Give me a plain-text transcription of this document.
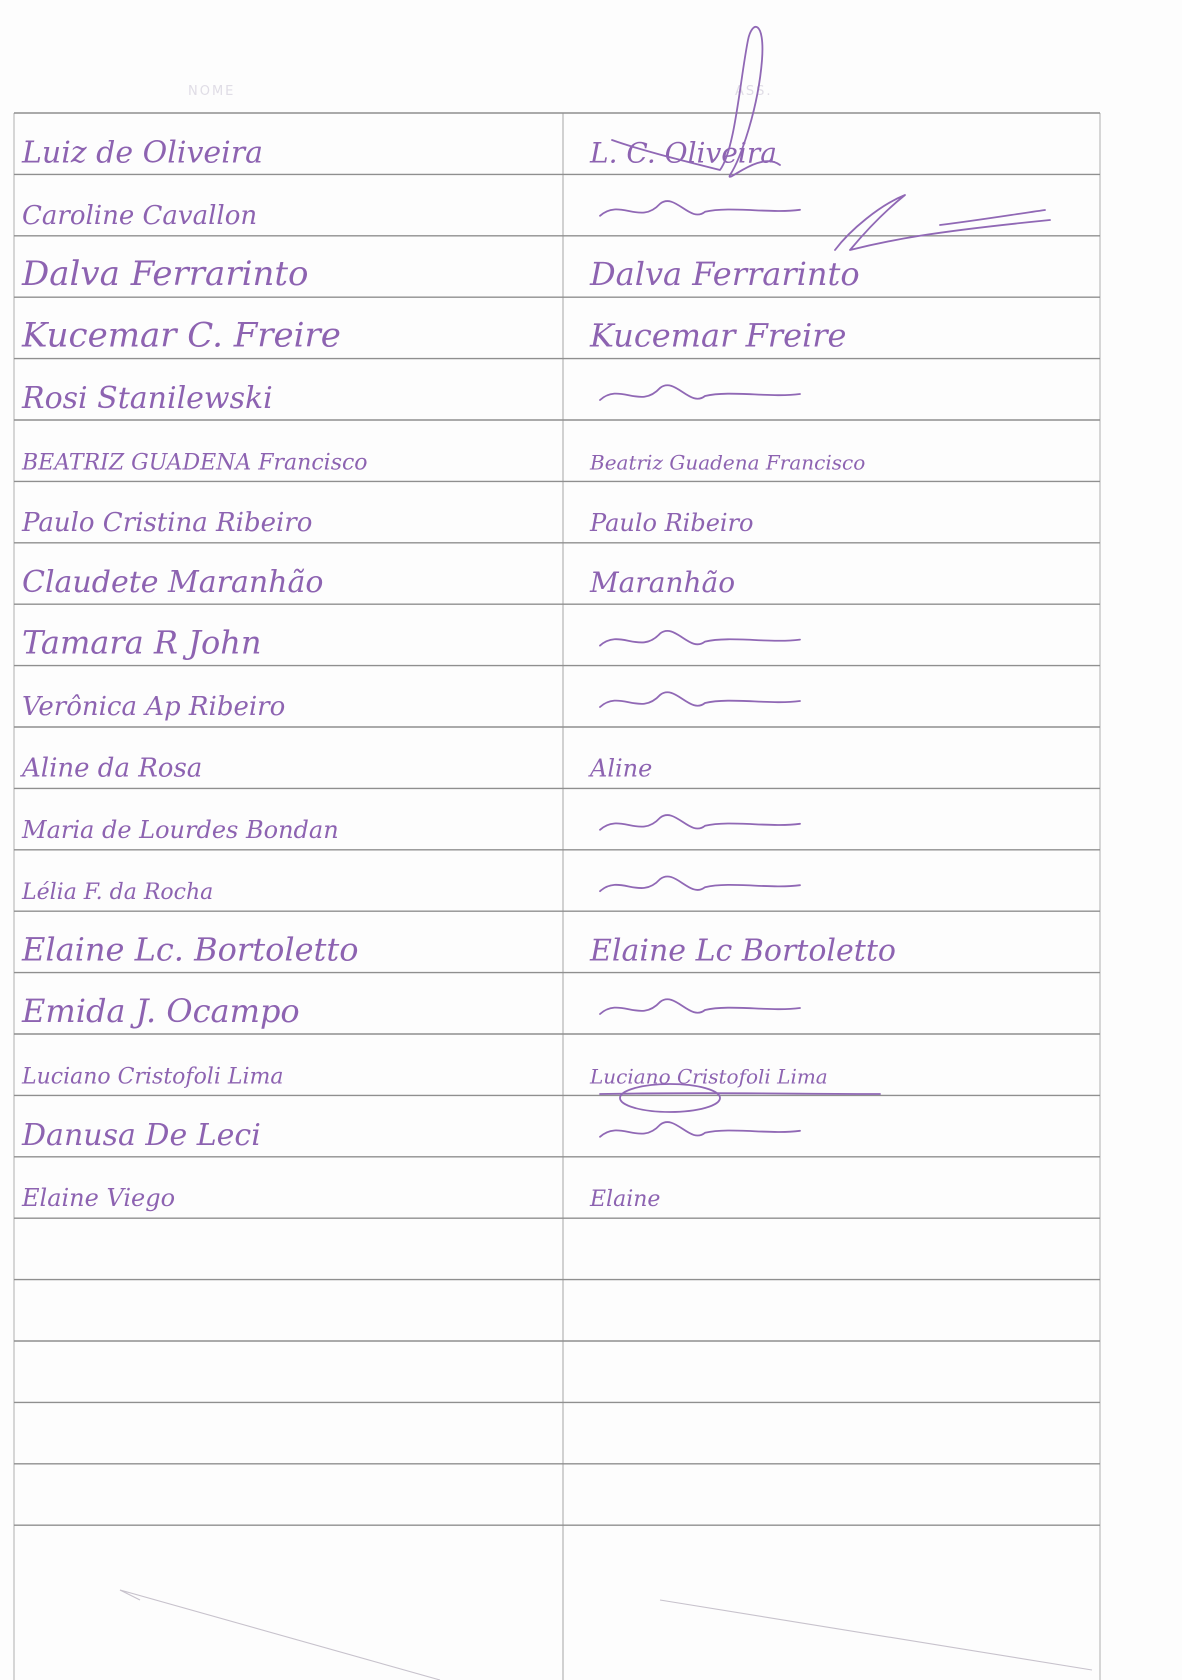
NOME	ASS.
Luiz de Oliveira
Caroline Cavallon
Dalva Ferrarinto
Kucemar C. Freire
Rosi Stanilewski
BEATRIZ GUADENA Francisco
Paulo Cristina Ribeiro
Claudete Maranhão
Tamara R John
Verônica Ap Ribeiro
Aline da Rosa
Maria de Lourdes Bondan
Lélia F. da Rocha
Elaine Lc. Bortoletto
Emida J. Ocampo
Luciano Cristofoli Lima
Danusa De Leci
Elaine Viego
L. C. Oliveira
Dalva Ferrarinto
Kucemar Freire
Beatriz Guadena Francisco
Paulo Ribeiro
Maranhão
Aline
Elaine Lc Bortoletto
Luciano Cristofoli Lima
Elaine
